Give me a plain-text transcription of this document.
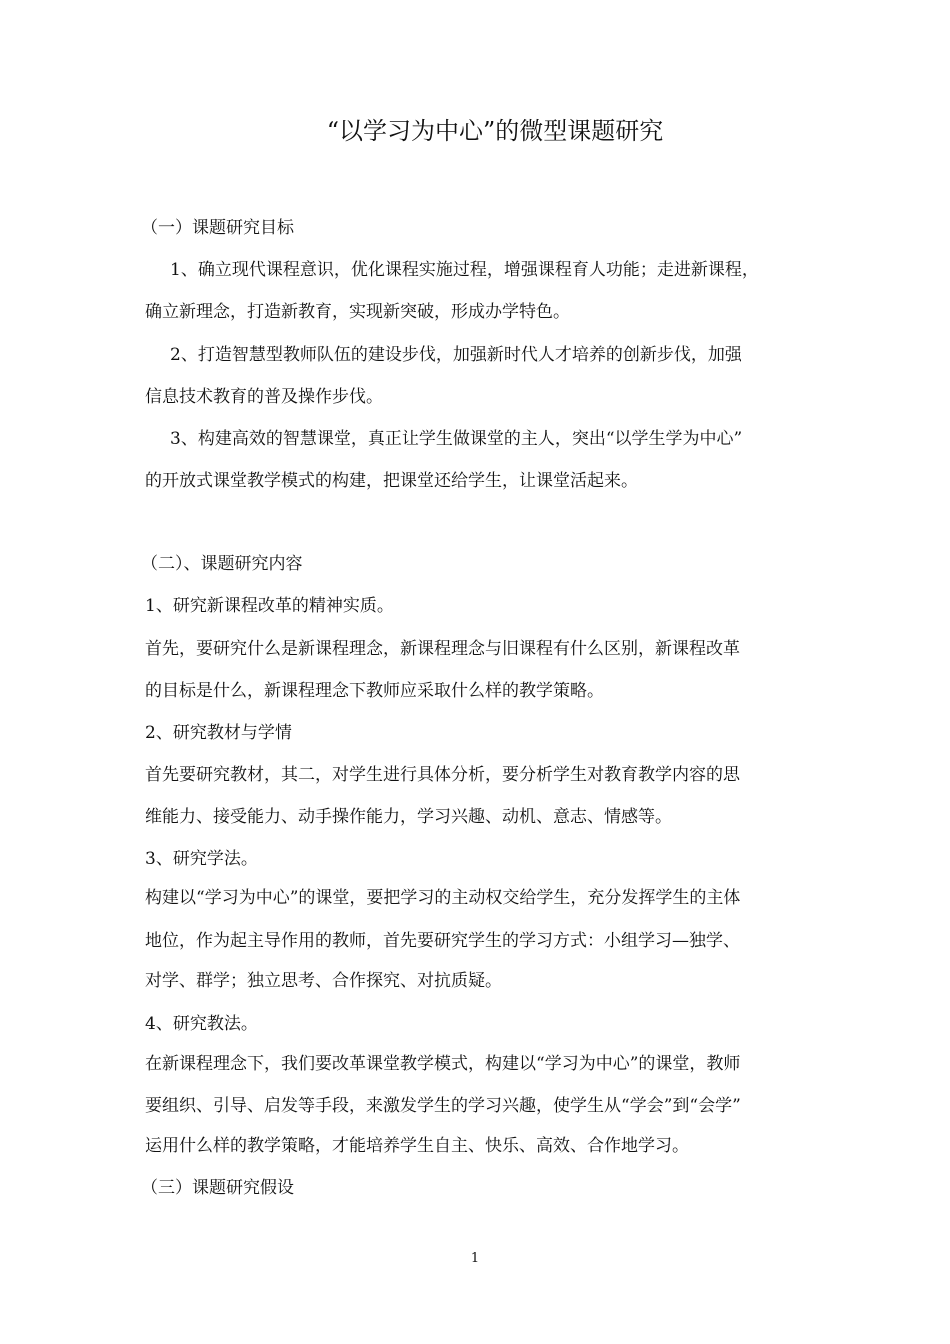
“以学习为中心”的微型课题研究
（一）课题研究目标
1、确立现代课程意识，优化课程实施过程，增强课程育人功能；走进新课程，
确立新理念，打造新教育，实现新突破，形成办学特色。
2、打造智慧型教师队伍的建设步伐，加强新时代人才培养的创新步伐，加强
信息技术教育的普及操作步伐。
3、构建高效的智慧课堂，真正让学生做课堂的主人，突出“以学生学为中心”
的开放式课堂教学模式的构建，把课堂还给学生，让课堂活起来。
（二）、课题研究内容
1、研究新课程改革的精神实质。
首先，要研究什么是新课程理念，新课程理念与旧课程有什么区别，新课程改革
的目标是什么，新课程理念下教师应采取什么样的教学策略。
2、研究教材与学情
首先要研究教材，其二，对学生进行具体分析，要分析学生对教育教学内容的思
维能力、接受能力、动手操作能力，学习兴趣、动机、意志、情感等。
3、研究学法。
构建以“学习为中心”的课堂，要把学习的主动权交给学生，充分发挥学生的主体
地位，作为起主导作用的教师，首先要研究学生的学习方式：小组学习—独学、
对学、群学；独立思考、合作探究、对抗质疑。
4、研究教法。
在新课程理念下，我们要改革课堂教学模式，构建以“学习为中心”的课堂，教师
要组织、引导、启发等手段，来激发学生的学习兴趣，使学生从“学会”到“会学”
运用什么样的教学策略，才能培养学生自主、快乐、高效、合作地学习。
（三）课题研究假设
1
